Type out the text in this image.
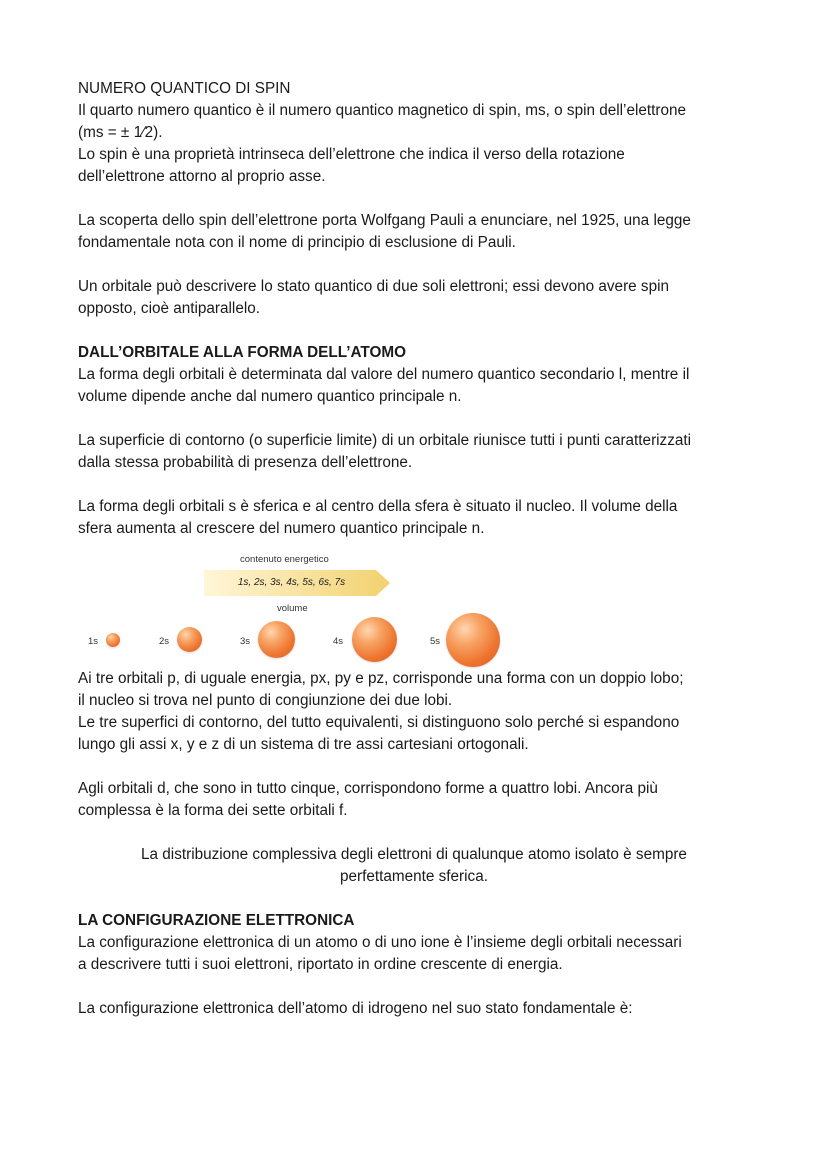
NUMERO QUANTICO DI SPIN

Il quarto numero quantico è il numero quantico magnetico di spin, ms, o spin dell’elettrone

(ms = ± 1⁄2).

Lo spin è una proprietà intrinseca dell’elettrone che indica il verso della rotazione

dell’elettrone attorno al proprio asse.

La scoperta dello spin dell’elettrone porta Wolfgang Pauli a enunciare, nel 1925, una legge

fondamentale nota con il nome di principio di esclusione di Pauli.

Un orbitale può descrivere lo stato quantico di due soli elettroni; essi devono avere spin

opposto, cioè antiparallelo.

DALL’ORBITALE ALLA FORMA DELL’ATOMO

La forma degli orbitali è determinata dal valore del numero quantico secondario l, mentre il

volume dipende anche dal numero quantico principale n.

La superficie di contorno (o superficie limite) di un orbitale riunisce tutti i punti caratterizzati

dalla stessa probabilità di presenza dell’elettrone.

La forma degli orbitali s è sferica e al centro della sfera è situato il nucleo. Il volume della

sfera aumenta al crescere del numero quantico principale n.

contenuto energetico
1s, 2s, 3s, 4s, 5s, 6s, 7s
volume
1s	2s	3s	4s	5s

Ai tre orbitali p, di uguale energia, px, py e pz, corrisponde una forma con un doppio lobo;

il nucleo si trova nel punto di congiunzione dei due lobi.

Le tre superfici di contorno, del tutto equivalenti, si distinguono solo perché si espandono

lungo gli assi x, y e z di un sistema di tre assi cartesiani ortogonali.

Agli orbitali d, che sono in tutto cinque, corrispondono forme a quattro lobi. Ancora più

complessa è la forma dei sette orbitali f.

La distribuzione complessiva degli elettroni di qualunque atomo isolato è sempre

perfettamente sferica.

LA CONFIGURAZIONE ELETTRONICA

La configurazione elettronica di un atomo o di uno ione è l’insieme degli orbitali necessari

a descrivere tutti i suoi elettroni, riportato in ordine crescente di energia.

La configurazione elettronica dell’atomo di idrogeno nel suo stato fondamentale è:
